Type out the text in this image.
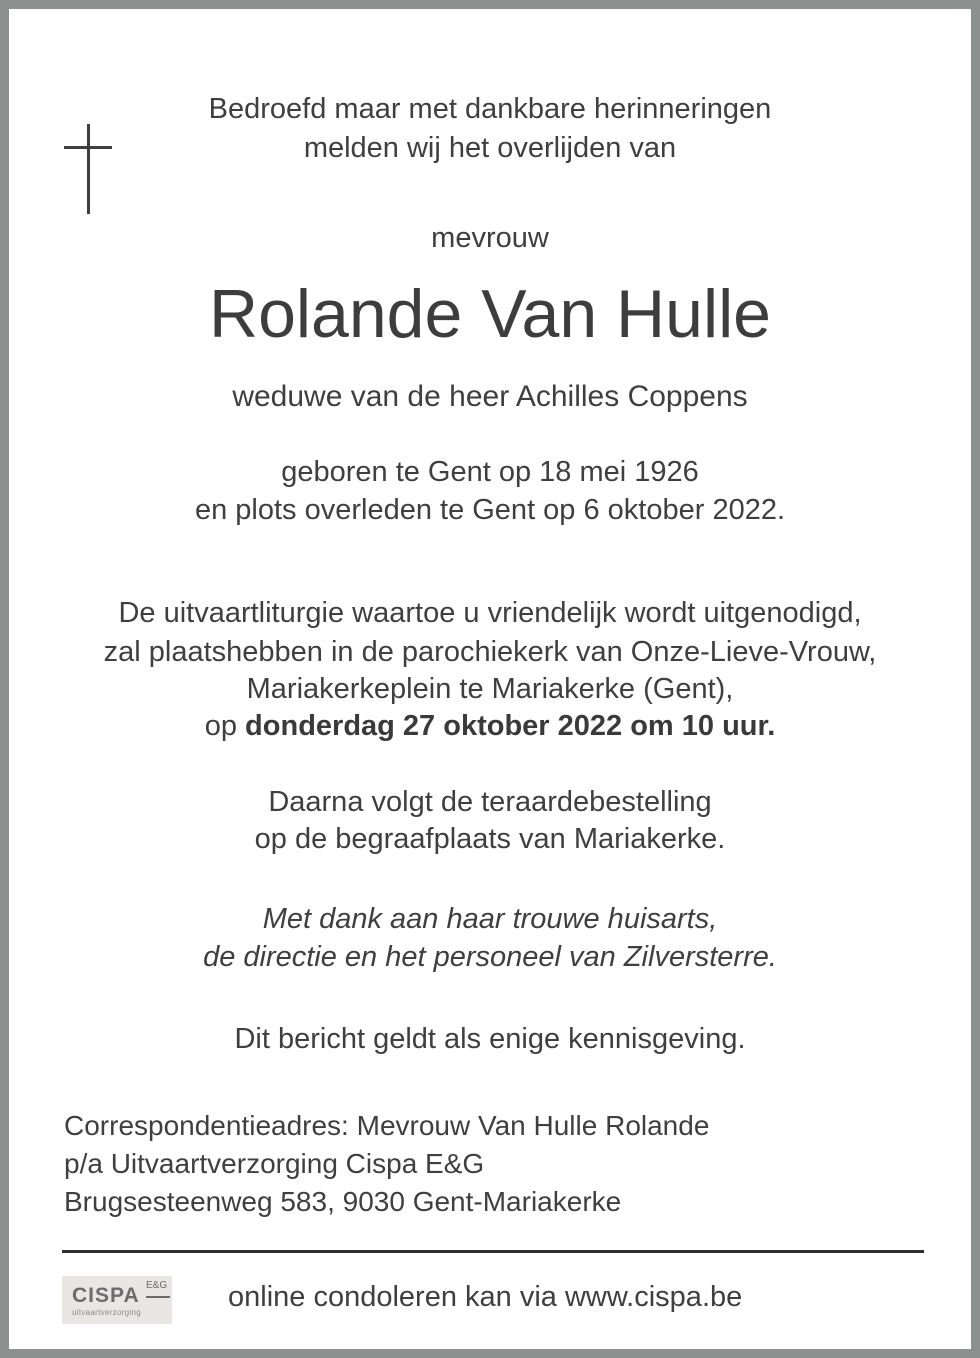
Bedroefd maar met dankbare herinneringen
melden wij het overlijden van
mevrouw
Rolande Van Hulle
weduwe van de heer Achilles Coppens
geboren te Gent op 18 mei 1926
en plots overleden te Gent op 6 oktober 2022.
De uitvaartliturgie waartoe u vriendelijk wordt uitgenodigd,
zal plaatshebben in de parochiekerk van Onze-Lieve-Vrouw,
Mariakerkeplein te Mariakerke (Gent),
op donderdag 27 oktober 2022 om 10 uur.
Daarna volgt de teraardebestelling
op de begraafplaats van Mariakerke.
Met dank aan haar trouwe huisarts,
de directie en het personeel van Zilversterre.
Dit bericht geldt als enige kennisgeving.
Correspondentieadres: Mevrouw Van Hulle Rolande
p/a Uitvaartverzorging Cispa E&G
Brugsesteenweg 583, 9030 Gent-Mariakerke
CISPA E&G
uitvaartverzorging	online condoleren kan via www.cispa.be
